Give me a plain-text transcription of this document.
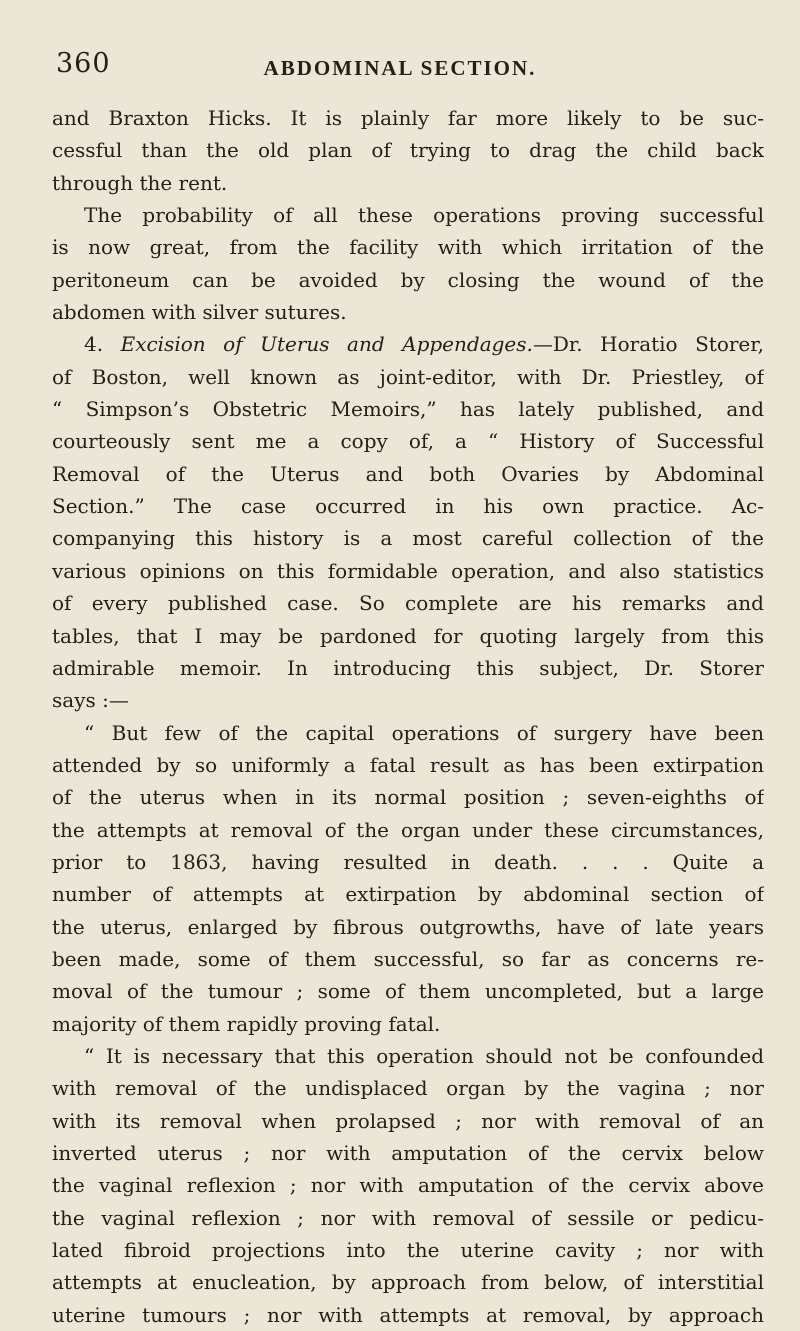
360	ABDOMINAL SECTION.
and Braxton Hicks. It is plainly far more likely to be suc-
cessful than the old plan of trying to drag the child back
through the rent.
The probability of all these operations proving successful
is now great, from the facility with which irritation of the
peritoneum can be avoided by closing the wound of the
abdomen with silver sutures.
4. Excision of Uterus and Appendages.—Dr. Horatio Storer,
of Boston, well known as joint-editor, with Dr. Priestley, of
“ Simpson’s Obstetric Memoirs,” has lately published, and
courteously sent me a copy of, a “ History of Successful
Removal of the Uterus and both Ovaries by Abdominal
Section.” The case occurred in his own practice. Ac-
companying this history is a most careful collection of the
various opinions on this formidable operation, and also statistics
of every published case. So complete are his remarks and
tables, that I may be pardoned for quoting largely from this
admirable memoir. In introducing this subject, Dr. Storer
says :—
“ But few of the capital operations of surgery have been
attended by so uniformly a fatal result as has been extirpation
of the uterus when in its normal position ; seven-eighths of
the attempts at removal of the organ under these circumstances,
prior to 1863, having resulted in death. . . . Quite a
number of attempts at extirpation by abdominal section of
the uterus, enlarged by fibrous outgrowths, have of late years
been made, some of them successful, so far as concerns re-
moval of the tumour ; some of them uncompleted, but a large
majority of them rapidly proving fatal.
“ It is necessary that this operation should not be confounded
with removal of the undisplaced organ by the vagina ; nor
with its removal when prolapsed ; nor with removal of an
inverted uterus ; nor with amputation of the cervix below
the vaginal reflexion ; nor with amputation of the cervix above
the vaginal reflexion ; nor with removal of sessile or pedicu-
lated fibroid projections into the uterine cavity ; nor with
attempts at enucleation, by approach from below, of interstitial
uterine tumours ; nor with attempts at removal, by approach
